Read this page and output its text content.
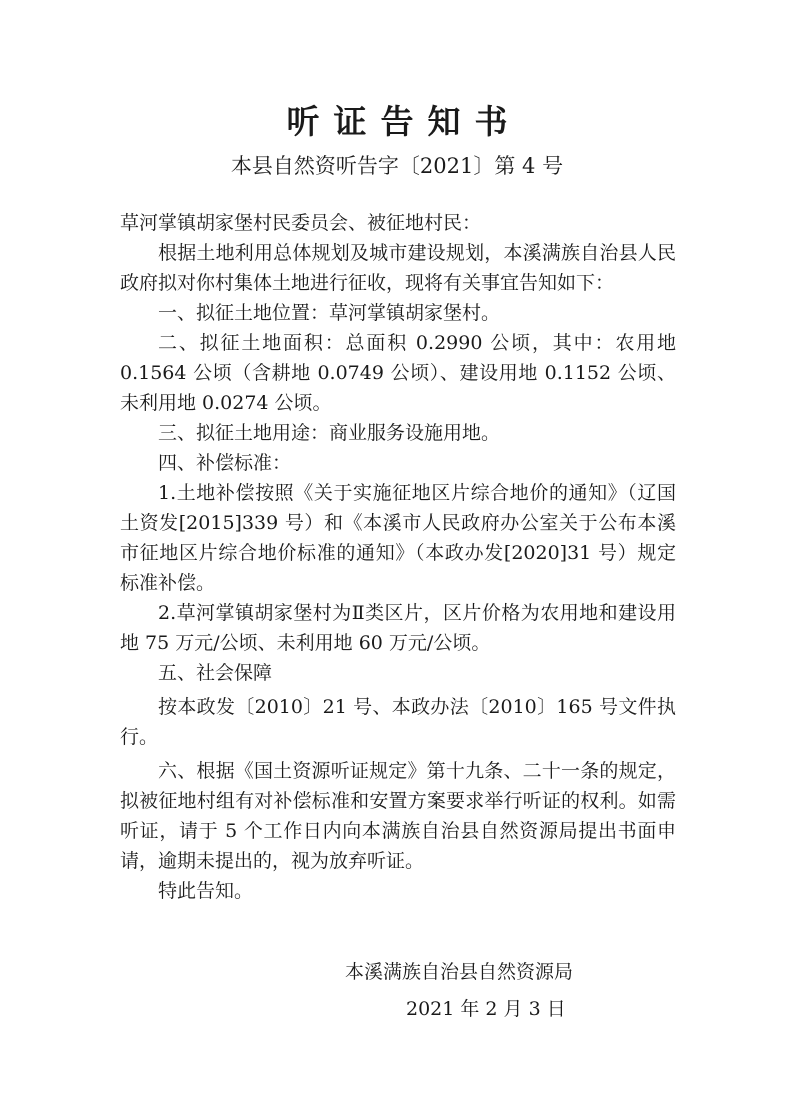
听证告知书
本县自然资听告字〔2021〕第 4 号

草河掌镇胡家堡村民委员会、被征地村民：

根据土地利用总体规划及城市建设规划，本溪满族自治县人民政府拟对你村集体土地进行征收，现将有关事宜告知如下：

一、拟征土地位置：草河掌镇胡家堡村。

二、拟征土地面积：总面积 0.2990 公顷，其中：农用地 0.1564 公顷（含耕地 0.0749 公顷）、建设用地 0.1152 公顷、未利用地 0.0274 公顷。

三、拟征土地用途：商业服务设施用地。

四、补偿标准：

1.土地补偿按照《关于实施征地区片综合地价的通知》（辽国土资发[2015]339 号）和《本溪市人民政府办公室关于公布本溪市征地区片综合地价标准的通知》（本政办发[2020]31 号）规定标准补偿。

2.草河掌镇胡家堡村为Ⅱ类区片，区片价格为农用地和建设用地 75 万元/公顷、未利用地 60 万元/公顷。

五、社会保障

按本政发〔2010〕21 号、本政办法〔2010〕165 号文件执行。

六、根据《国土资源听证规定》第十九条、二十一条的规定，拟被征地村组有对补偿标准和安置方案要求举行听证的权利。如需听证，请于 5 个工作日内向本满族自治县自然资源局提出书面申请，逾期未提出的，视为放弃听证。

特此告知。

本溪满族自治县自然资源局
2021 年 2 月 3 日
